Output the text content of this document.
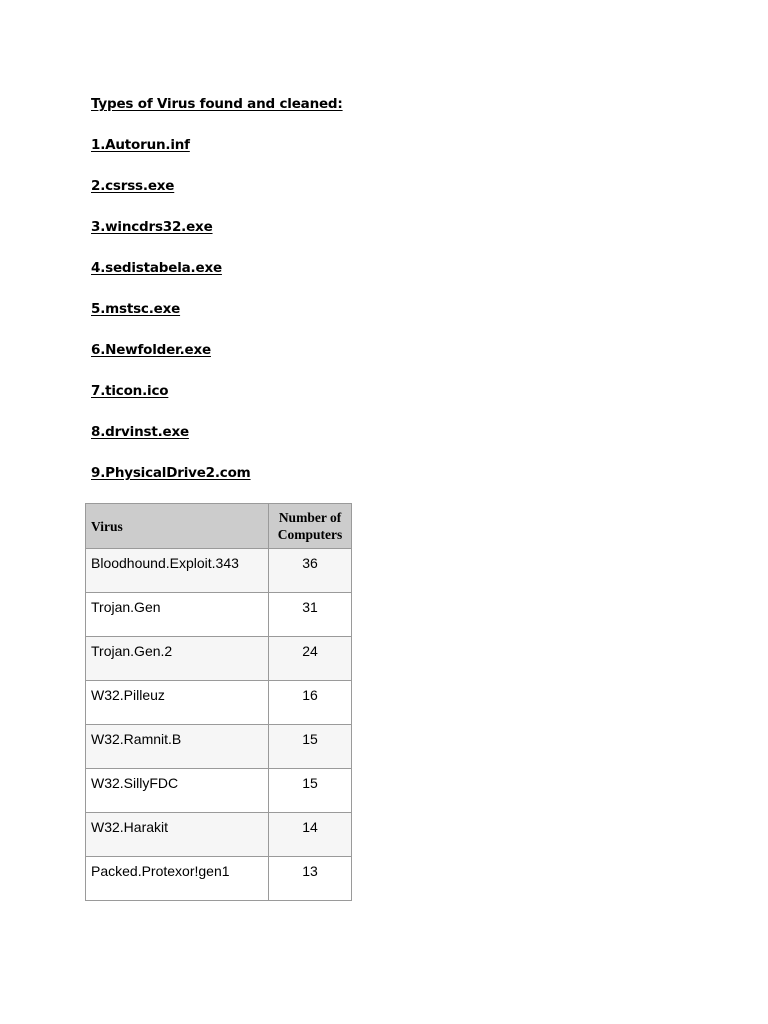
Types of Virus found and cleaned:
1.Autorun.inf
2.csrss.exe
3.wincdrs32.exe
4.sedistabela.exe
5.mstsc.exe
6.Newfolder.exe
7.ticon.ico
8.drvinst.exe
9.PhysicalDrive2.com
Virus	Number of Computers
Bloodhound.Exploit.343	36
Trojan.Gen	31
Trojan.Gen.2	24
W32.Pilleuz	16
W32.Ramnit.B	15
W32.SillyFDC	15
W32.Harakit	14
Packed.Protexor!gen1	13
